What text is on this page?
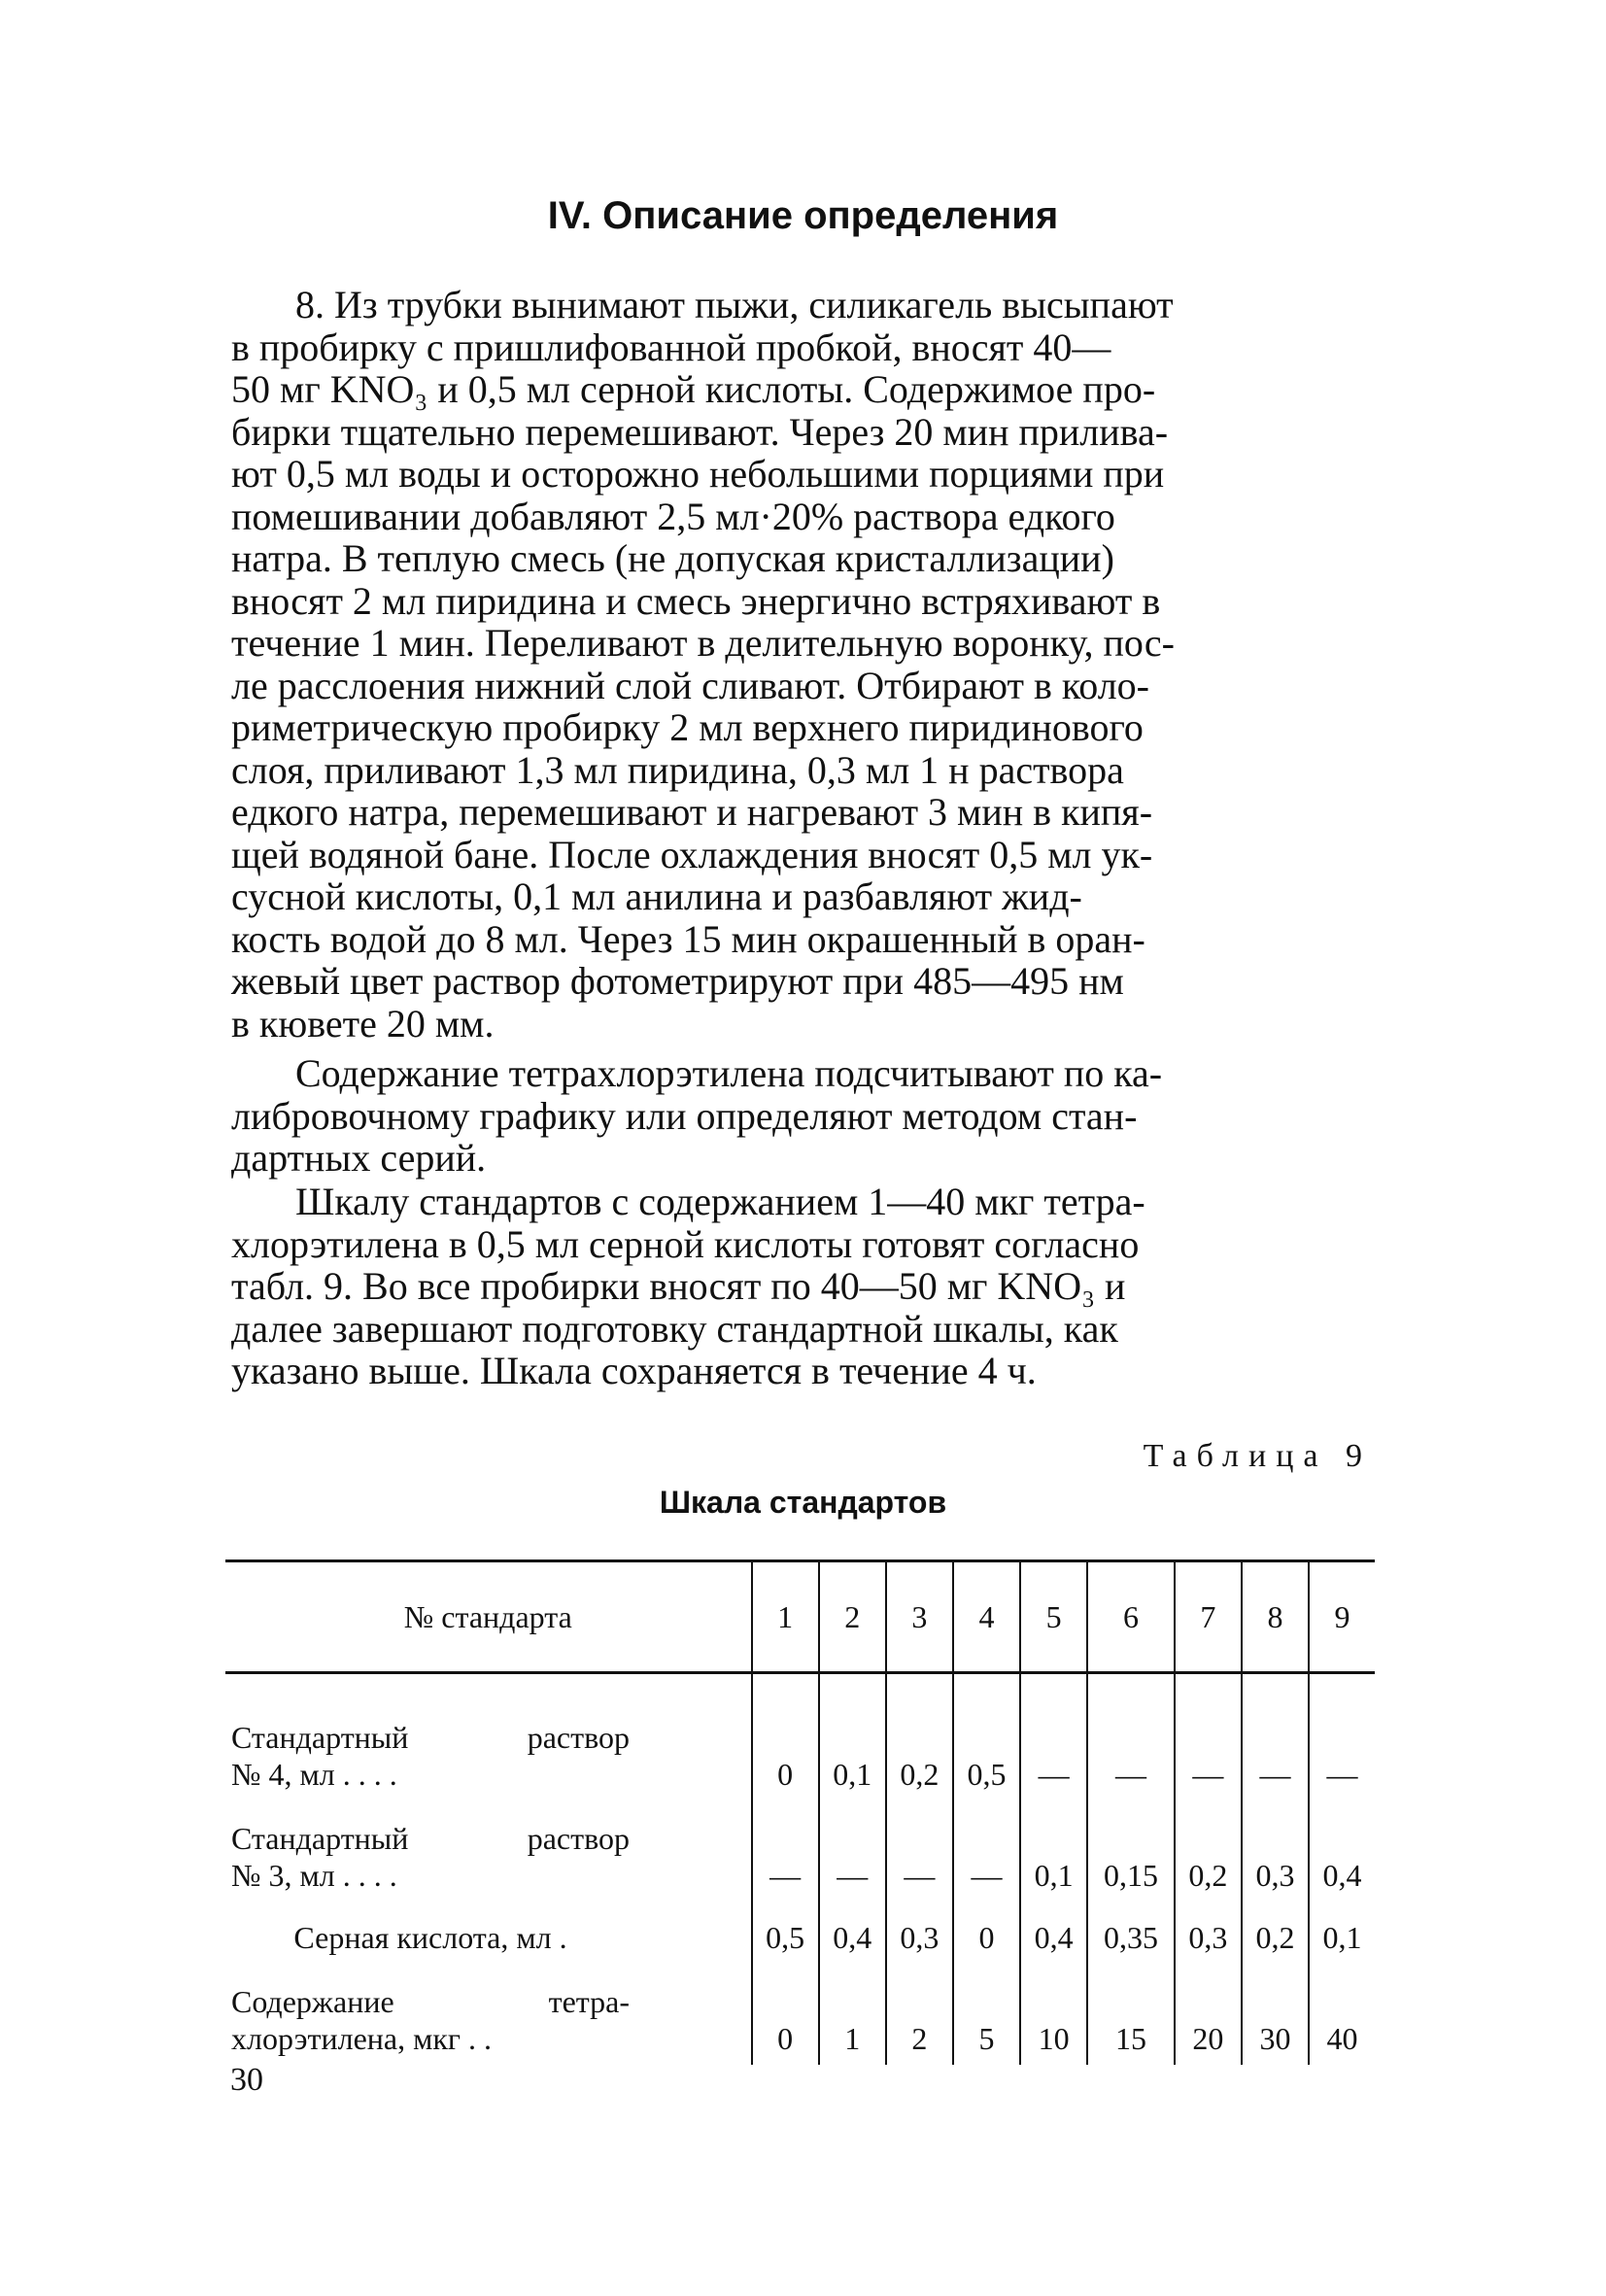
IV. Описание определения
8. Из трубки вынимают пыжи, силикагель высыпают
в пробирку с пришлифованной пробкой, вносят 40—
50 мг KNO₃ и 0,5 мл серной кислоты. Содержимое про-
бирки тщательно перемешивают. Через 20 мин прилива-
ют 0,5 мл воды и осторожно небольшими порциями при
помешивании добавляют 2,5 мл·20% раствора едкого
натра. В теплую смесь (не допуская кристаллизации)
вносят 2 мл пиридина и смесь энергично встряхивают в
течение 1 мин. Переливают в делительную воронку, пос-
ле расслоения нижний слой сливают. Отбирают в коло-
риметрическую пробирку 2 мл верхнего пиридинового
слоя, приливают 1,3 мл пиридина, 0,3 мл 1 н раствора
едкого натра, перемешивают и нагревают 3 мин в кипя-
щей водяной бане. После охлаждения вносят 0,5 мл ук-
сусной кислоты, 0,1 мл анилина и разбавляют жид-
кость водой до 8 мл. Через 15 мин окрашенный в оран-
жевый цвет раствор фотометрируют при 485—495 нм
в кювете 20 мм.
Содержание тетрахлорэтилена подсчитывают по ка-
либровочному графику или определяют методом стан-
дартных серий.
Шкалу стандартов с содержанием 1—40 мкг тетра-
хлорэтилена в 0,5 мл серной кислоты готовят согласно
табл. 9. Во все пробирки вносят по 40—50 мг KNO₃ и
далее завершают подготовку стандартной шкалы, как
указано выше. Шкала сохраняется в течение 4 ч.
Таблица 9
Шкала стандартов
№ стандарта	1	2	3	4	5	6	7	8	9

Стандартный раствор
№ 4, мл . . . .	0	0,1	0,2	0,5	—	—	—	—	—

Стандартный раствор
№ 3, мл . . . .	—	—	—	—	0,1	0,15	0,2	0,3	0,4

Серная кислота, мл .	0,5	0,4	0,3	0	0,4	0,35	0,3	0,2	0,1

Содержание тетра-
хлорэтилена, мкг . .	0	1	2	5	10	15	20	30	40
30
